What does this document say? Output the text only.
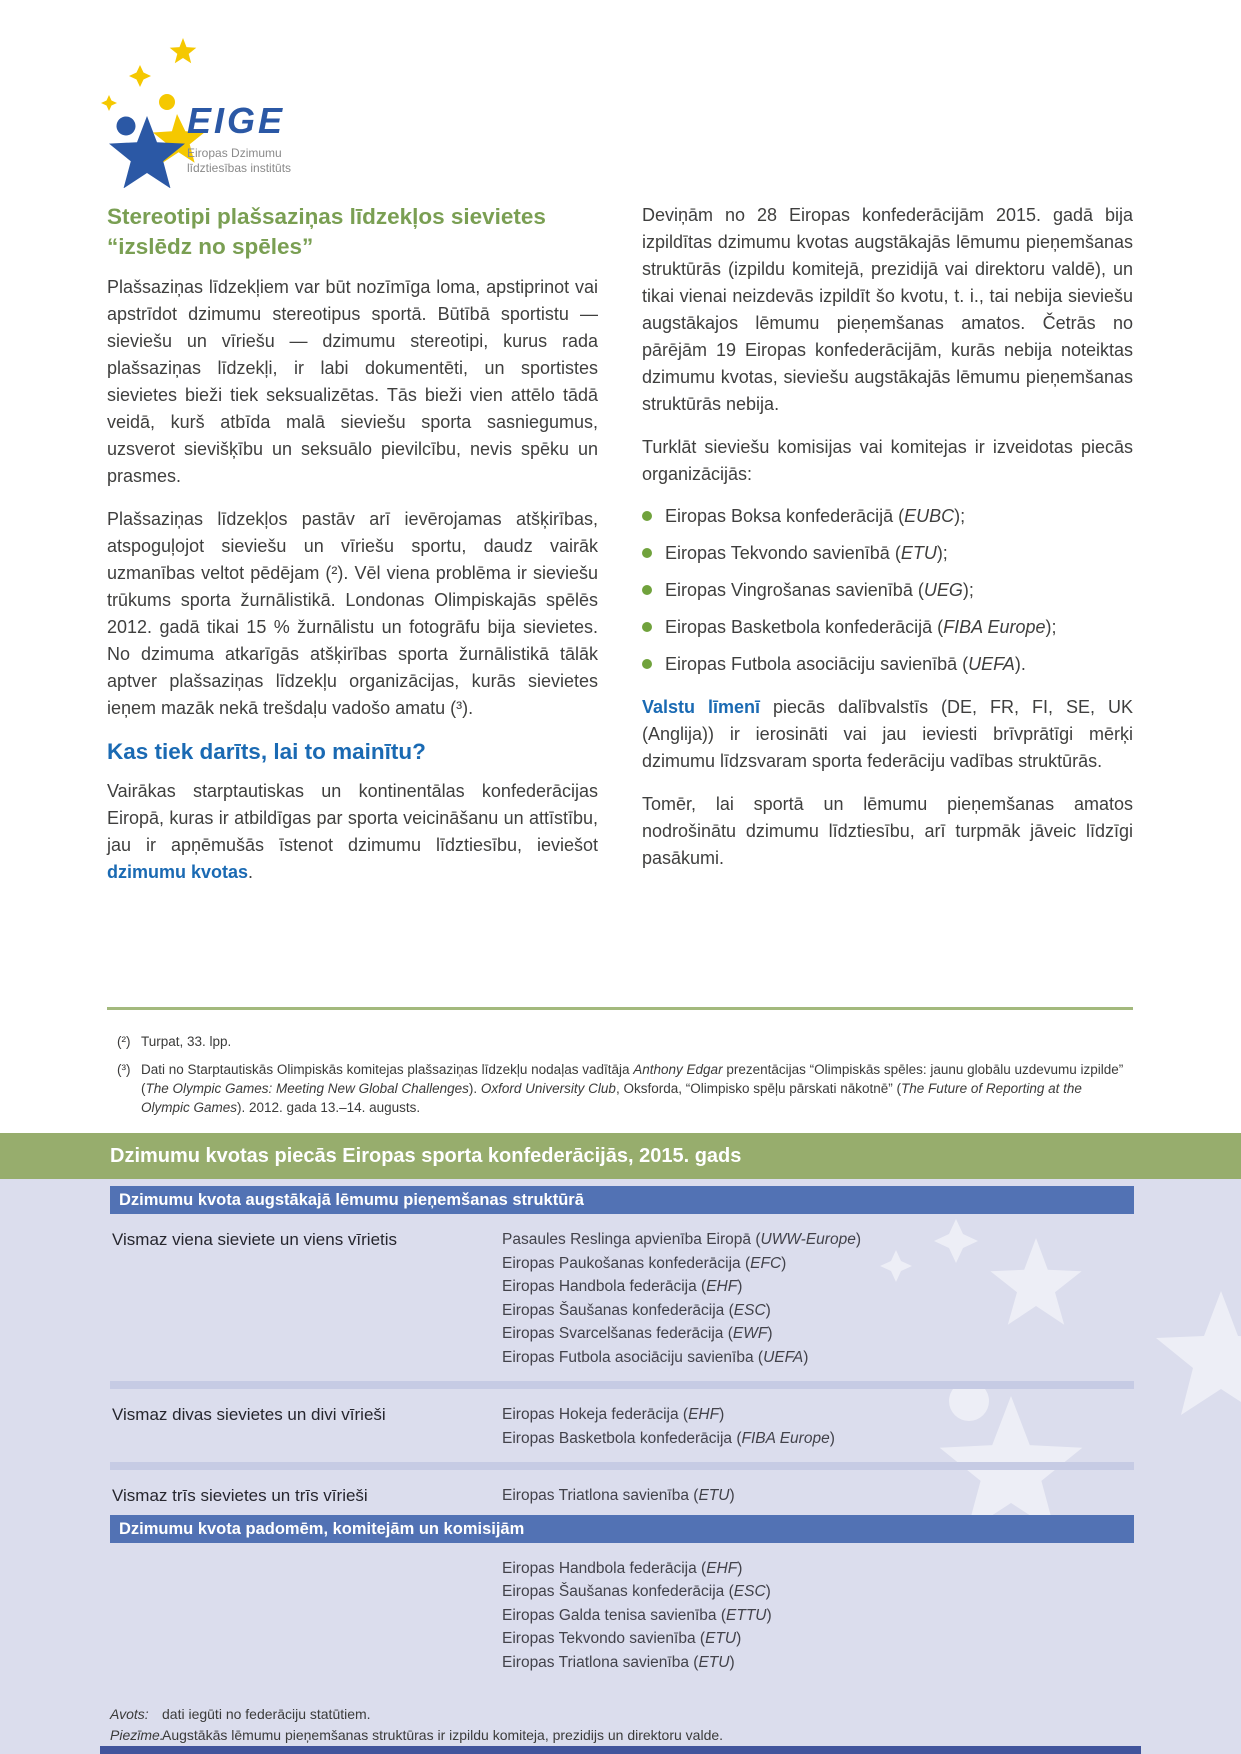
EIGE
Eiropas Dzimumu
līdztiesības institūts
Stereotipi plašsaziņas līdzekļos sievietes “izslēdz no spēles”

Plašsaziņas līdzekļiem var būt nozīmīga loma, apstiprinot vai apstrīdot dzimumu stereotipus sportā. Būtībā sportistu — sieviešu un vīriešu — dzimumu stereotipi, kurus rada plašsaziņas līdzekļi, ir labi dokumentēti, un sportistes sievietes bieži tiek seksualizētas. Tās bieži vien attēlo tādā veidā, kurš atbīda malā sieviešu sporta sasniegumus, uzsverot sievišķību un seksuālo pievilcību, nevis spēku un prasmes.

Plašsaziņas līdzekļos pastāv arī ievērojamas atšķirības, atspoguļojot sieviešu un vīriešu sportu, daudz vairāk uzmanības veltot pēdējam (²). Vēl viena problēma ir sieviešu trūkums sporta žurnālistikā. Londonas Olimpiskajās spēlēs 2012. gadā tikai 15 % žurnālistu un fotogrāfu bija sievietes. No dzimuma atkarīgās atšķirības sporta žurnālistikā tālāk aptver plašsaziņas līdzekļu organizācijas, kurās sievietes ieņem mazāk nekā trešdaļu vadošo amatu (³).

Kas tiek darīts, lai to mainītu?

Vairākas starptautiskas un kontinentālas konfederācijas Eiropā, kuras ir atbildīgas par sporta veicināšanu un attīstību, jau ir apņēmušās īstenot dzimumu līdztiesību, ieviešot dzimumu kvotas.

Deviņām no 28 Eiropas konfederācijām 2015. gadā bija izpildītas dzimumu kvotas augstākajās lēmumu pieņemšanas struktūrās (izpildu komitejā, prezidijā vai direktoru valdē), un tikai vienai neizdevās izpildīt šo kvotu, t. i., tai nebija sieviešu augstākajos lēmumu pieņemšanas amatos. Četrās no pārējām 19 Eiropas konfederācijām, kurās nebija noteiktas dzimumu kvotas, sieviešu augstākajās lēmumu pieņemšanas struktūrās nebija.

Turklāt sieviešu komisijas vai komitejas ir izveidotas piecās organizācijās:

Eiropas Boksa konfederācijā (EUBC);
Eiropas Tekvondo savienībā (ETU);
Eiropas Vingrošanas savienībā (UEG);
Eiropas Basketbola konfederācijā (FIBA Europe);
Eiropas Futbola asociāciju savienībā (UEFA).

Valstu līmenī piecās dalībvalstīs (DE, FR, FI, SE, UK (Anglija)) ir ierosināti vai jau ieviesti brīvprātīgi mērķi dzimumu līdzsvaram sporta federāciju vadības struktūrās.

Tomēr, lai sportā un lēmumu pieņemšanas amatos nodrošinātu dzimumu līdztiesību, arī turpmāk jāveic līdzīgi pasākumi.

(²) Turpat, 33. lpp.
(³) Dati no Starptautiskās Olimpiskās komitejas plašsaziņas līdzekļu nodaļas vadītāja Anthony Edgar prezentācijas “Olimpiskās spēles: jaunu globālu uzdevumu izpilde” (The Olympic Games: Meeting New Global Challenges). Oxford University Club, Oksforda, “Olimpisko spēļu pārskati nākotnē” (The Future of Reporting at the Olympic Games). 2012. gada 13.–14. augusts.
Dzimumu kvotas piecās Eiropas sporta konfederācijās, 2015. gads
Dzimumu kvota augstākajā lēmumu pieņemšanas struktūrā
Vismaz viena sieviete un viens vīrietis	Pasaules Reslinga apvienība Eiropā (UWW-Europe)
Eiropas Paukošanas konfederācija (EFC)
Eiropas Handbola federācija (EHF)
Eiropas Šaušanas konfederācija (ESC)
Eiropas Svarcelšanas federācija (EWF)
Eiropas Futbola asociāciju savienība (UEFA)
Vismaz divas sievietes un divi vīrieši	Eiropas Hokeja federācija (EHF)
Eiropas Basketbola konfederācija (FIBA Europe)
Vismaz trīs sievietes un trīs vīrieši	Eiropas Triatlona savienība (ETU)
Dzimumu kvota padomēm, komitejām un komisijām
Eiropas Handbola federācija (EHF)
Eiropas Šaušanas konfederācija (ESC)
Eiropas Galda tenisa savienība (ETTU)
Eiropas Tekvondo savienība (ETU)
Eiropas Triatlona savienība (ETU)
Avots: dati iegūti no federāciju statūtiem.
Piezīme.
Augstākās lēmumu pieņemšanas struktūras ir izpildu komiteja, prezidijs un direktoru valde.
